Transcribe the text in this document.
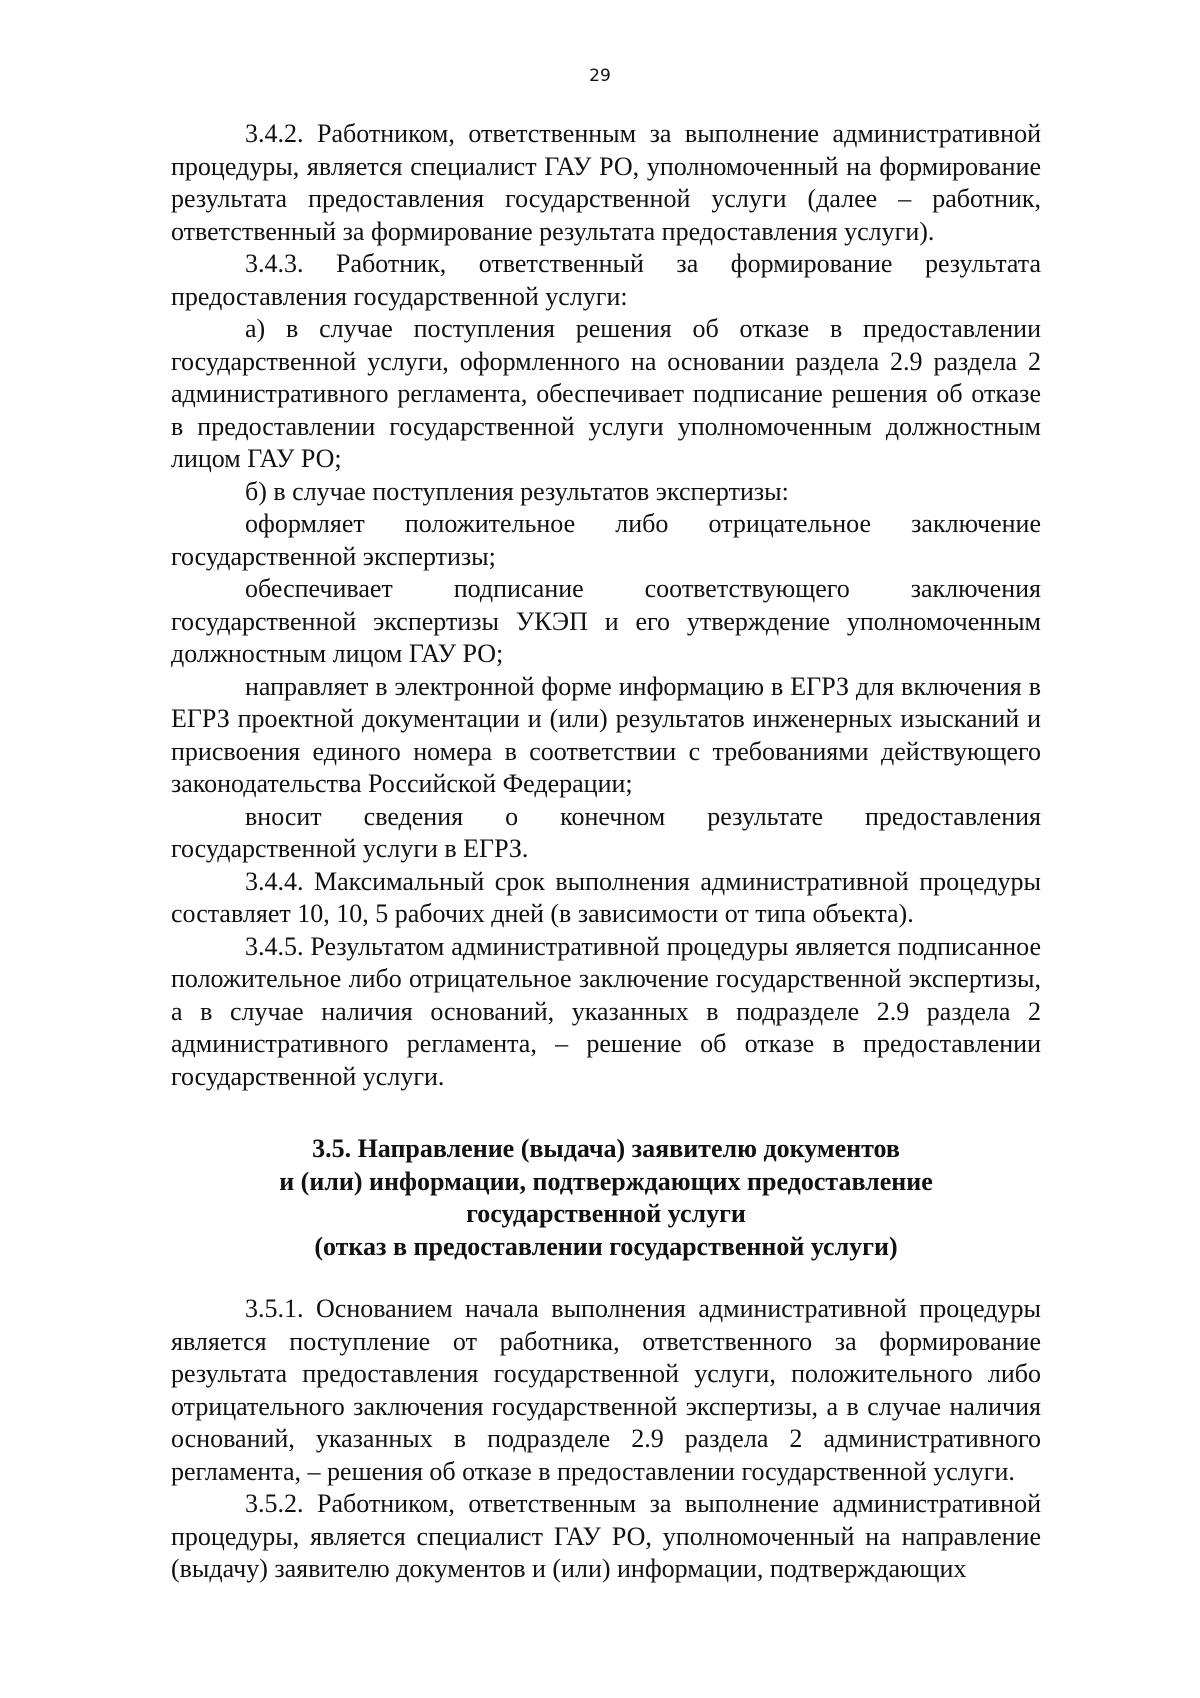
29

3.4.2. Работником, ответственным за выполнение административной процедуры, является специалист ГАУ РО, уполномоченный на формирование результата предоставления государственной услуги (далее – работник, ответственный за формирование результата предоставления услуги).

3.4.3. Работник, ответственный за формирование результата предоставления государственной услуги:

а) в случае поступления решения об отказе в предоставлении государственной услуги, оформленного на основании раздела 2.9 раздела 2 административного регламента, обеспечивает подписание решения об отказе в предоставлении государственной услуги уполномоченным должностным лицом ГАУ РО;

б) в случае поступления результатов экспертизы:

оформляет положительное либо отрицательное заключение государственной экспертизы;

обеспечивает подписание соответствующего заключения государственной экспертизы УКЭП и его утверждение уполномоченным должностным лицом ГАУ РО;

направляет в электронной форме информацию в ЕГРЗ для включения в ЕГРЗ проектной документации и (или) результатов инженерных изысканий и присвоения единого номера в соответствии с требованиями действующего законодательства Российской Федерации;

вносит сведения о конечном результате предоставления государственной услуги в ЕГРЗ.

3.4.4. Максимальный срок выполнения административной процедуры составляет 10, 10, 5 рабочих дней (в зависимости от типа объекта).

3.4.5. Результатом административной процедуры является подписанное положительное либо отрицательное заключение государственной экспертизы, а в случае наличия оснований, указанных в подразделе 2.9 раздела 2 административного регламента, – решение об отказе в предоставлении государственной услуги.

3.5. Направление (выдача) заявителю документов
и (или) информации, подтверждающих предоставление
государственной услуги
(отказ в предоставлении государственной услуги)

3.5.1. Основанием начала выполнения административной процедуры является поступление от работника, ответственного за формирование результата предоставления государственной услуги, положительного либо отрицательного заключения государственной экспертизы, а в случае наличия оснований, указанных в подразделе 2.9 раздела 2 административного регламента, – решения об отказе в предоставлении государственной услуги.

3.5.2. Работником, ответственным за выполнение административной процедуры, является специалист ГАУ РО, уполномоченный на направление (выдачу) заявителю документов и (или) информации, подтверждающих
